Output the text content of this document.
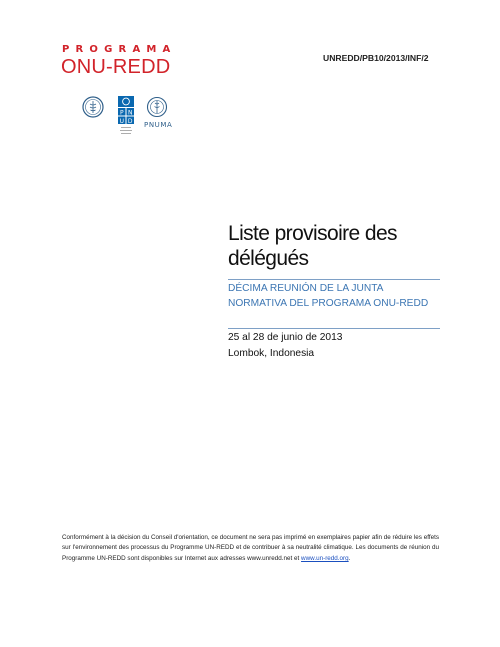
PROGRAMA
ONU-REDD	UNREDD/PB10/2013/INF/2
P N
U D PNUMA
Liste provisoire des délégués
DÉCIMA REUNIÓN DE LA JUNTA NORMATIVA DEL PROGRAMA ONU-REDD
25 al 28 de junio de 2013
Lombok, Indonesia
Conformément à la décision du Conseil d'orientation, ce document ne sera pas imprimé en exemplaires papier afin de réduire les effets sur l'environnement des processus du Programme UN-REDD et de contribuer à sa neutralité climatique. Les documents de réunion du Programme UN-REDD sont disponibles sur Internet aux adresses www.unredd.net et www.un-redd.org.
